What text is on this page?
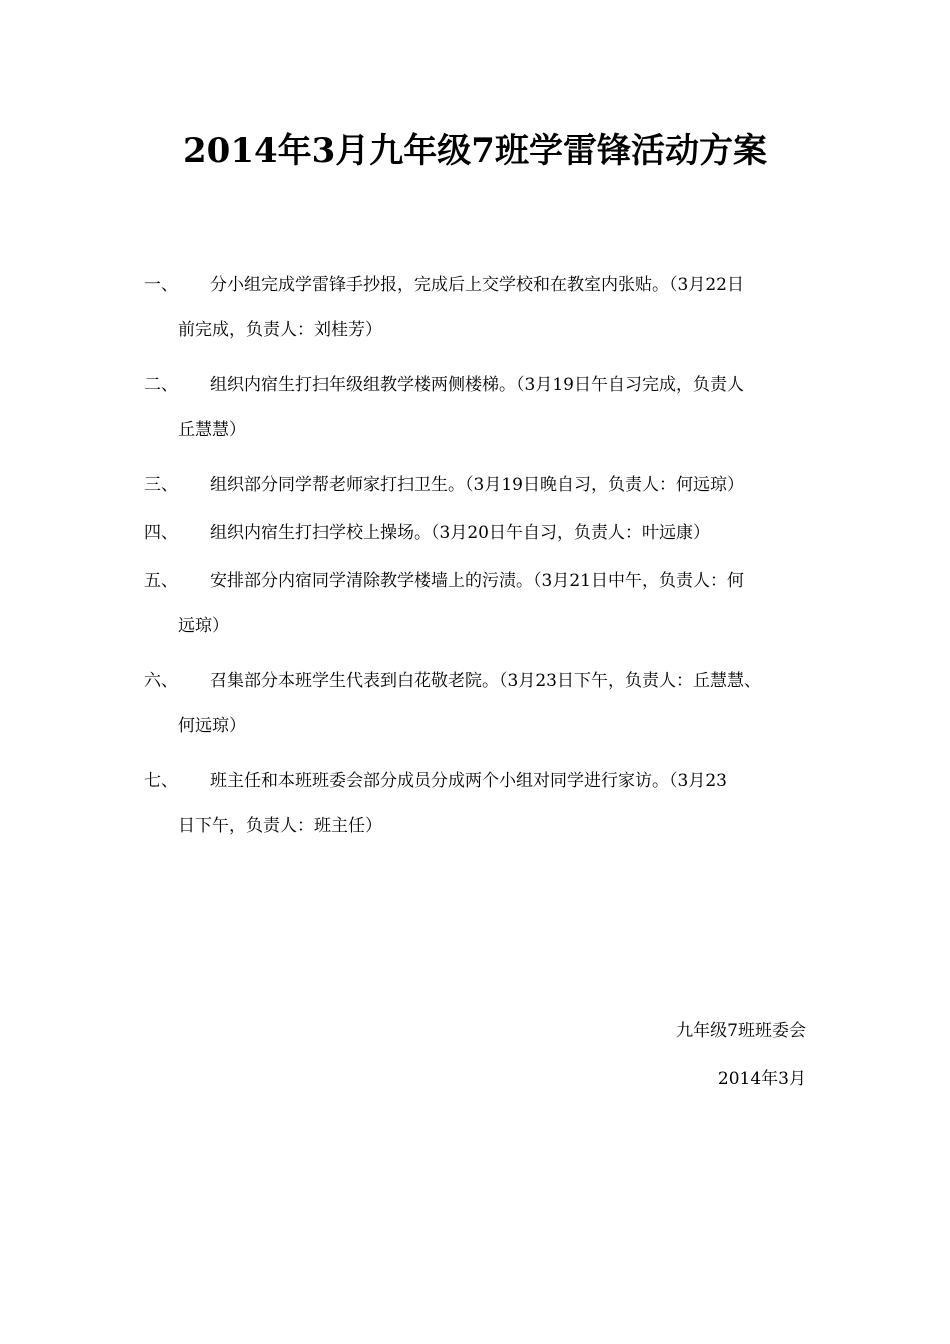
2014年3月九年级7班学雷锋活动方案
一、	分小组完成学雷锋手抄报，完成后上交学校和在教室内张贴。（3月22日
前完成，负责人：刘桂芳）
二、	组织内宿生打扫年级组教学楼两侧楼梯。（3月19日午自习完成，负责人
丘慧慧）
三、	组织部分同学帮老师家打扫卫生。（3月19日晚自习，负责人：何远琼）
四、	组织内宿生打扫学校上操场。（3月20日午自习，负责人：叶远康）
五、	安排部分内宿同学清除教学楼墙上的污渍。（3月21日中午，负责人：何
远琼）
六、	召集部分本班学生代表到白花敬老院。（3月23日下午，负责人：丘慧慧、
何远琼）
七、	班主任和本班班委会部分成员分成两个小组对同学进行家访。（3月23
日下午，负责人：班主任）
九年级7班班委会
2014年3月
